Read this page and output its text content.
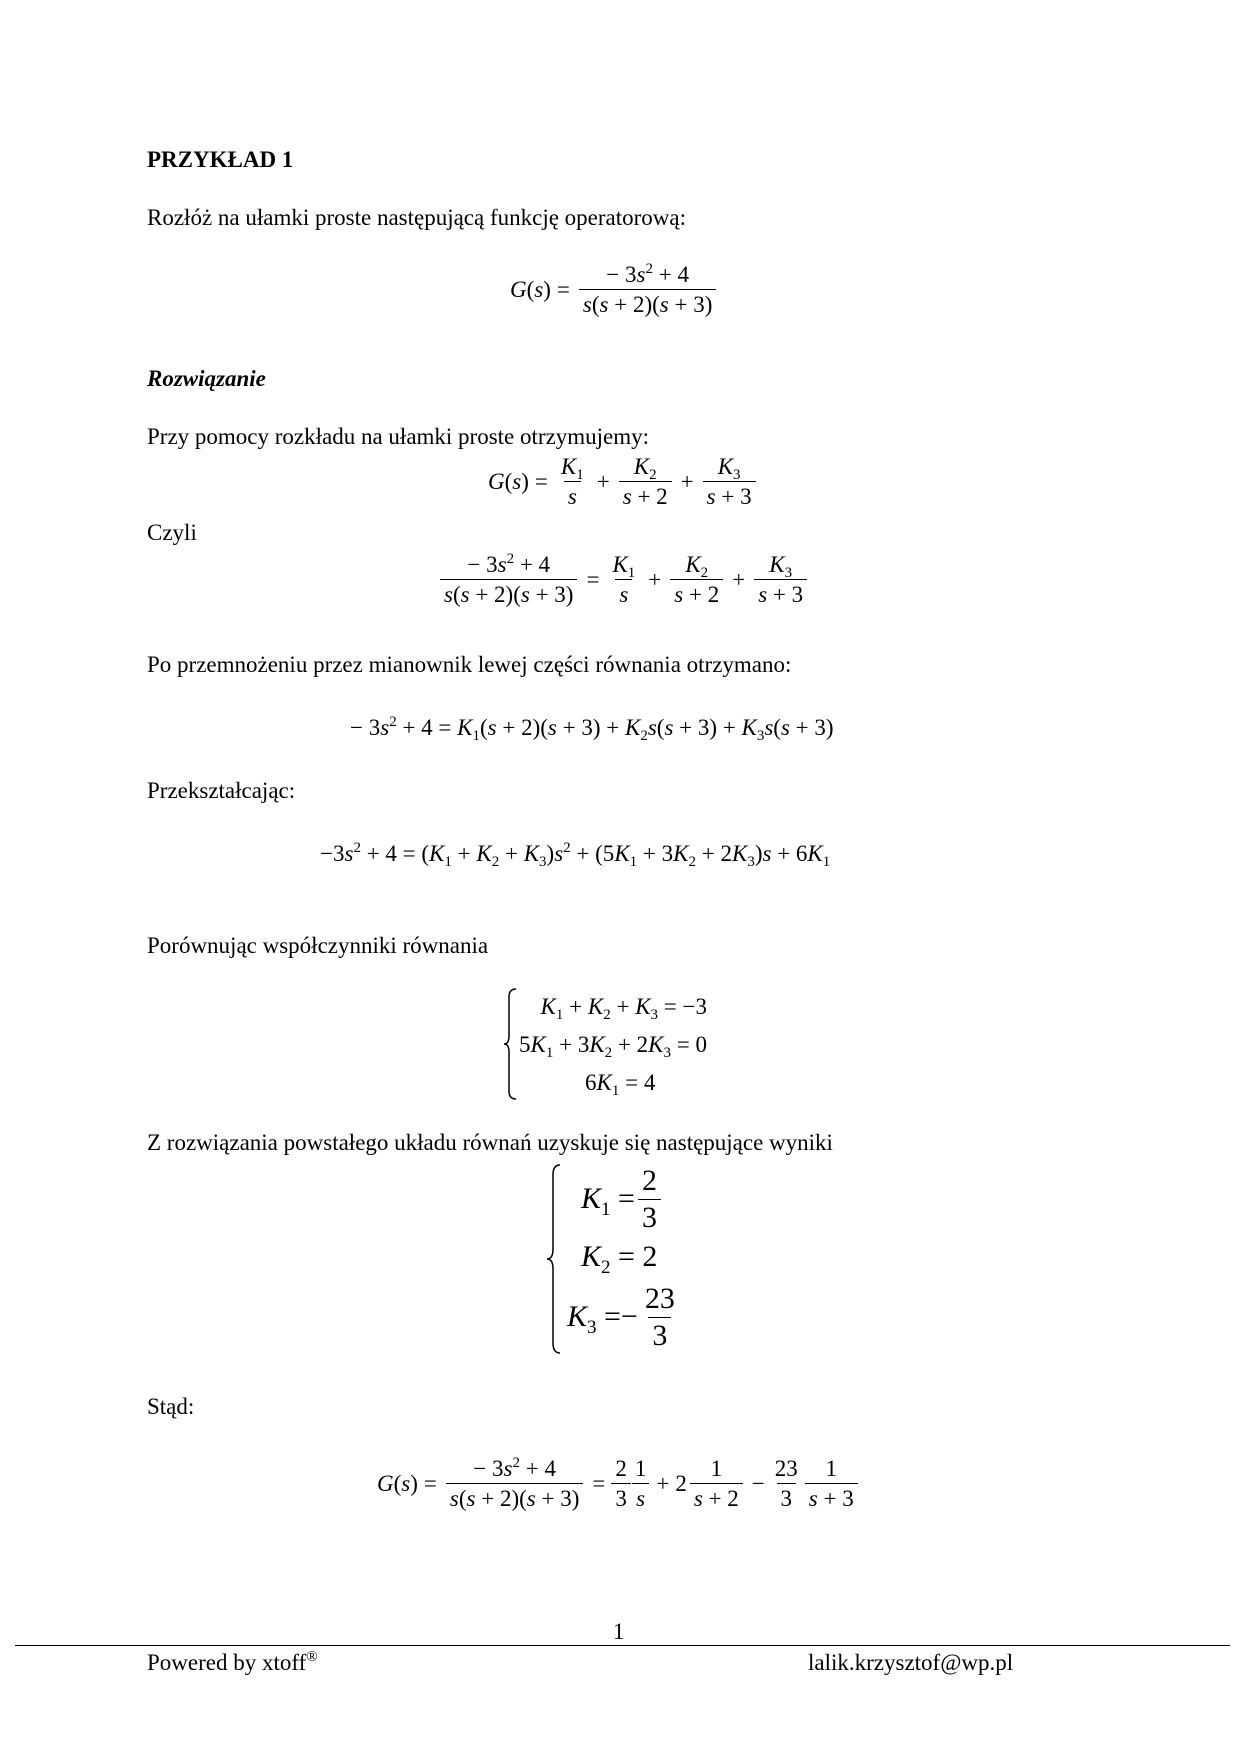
PRZYKŁAD 1
Rozłóż na ułamki proste następującą funkcję operatorową:
$G(s) = \frac{- 3s^2 + 4}{s(s + 2)(s + 3)}$
Rozwiązanie
Przy pomocy rozkładu na ułamki proste otrzymujemy:
$G(s) = \frac{K_1}{s} + \frac{K_2}{s + 2} + \frac{K_3}{s + 3}$
Czyli
$\frac{- 3s^2 + 4}{s(s + 2)(s + 3)} = \frac{K_1}{s} + \frac{K_2}{s + 2} + \frac{K_3}{s + 3}$
Po przemnożeniu przez mianownik lewej części równania otrzymano:
− $3s^2 + 4 = K_1(s + 2)(s + 3) + K_2s(s + 3) + K_3s(s + 3)$
Przekształcając:
$-3s^2 + 4 = (K_1 + K_2 + K_3)s^2 + (5K_1 + 3K_2 + 2K_3)s + 6K_1$
Porównując współczynniki równania
$K_1 + K_2 + K_3 = -3$
$5K_1 + 3K_2 + 2K_3 = 0$
$6K_1 = 4$
Z rozwiązania powstałego układu równań uzyskuje się następujące wyniki
$K_1 = \frac{2}{3}$
$K_2 = 2$
$K_3 =- \frac{23}{3}$
Stąd:
$G(s) = \frac{- 3s^2 + 4}{s(s + 2)(s + 3)} = \frac{2}{3} \frac{1}{s} + 2 \frac{1}{s + 2} - \frac{23}{3} \frac{1}{s + 3}$
1
Powered by xtoff®	lalik.krzysztof@wp.pl
